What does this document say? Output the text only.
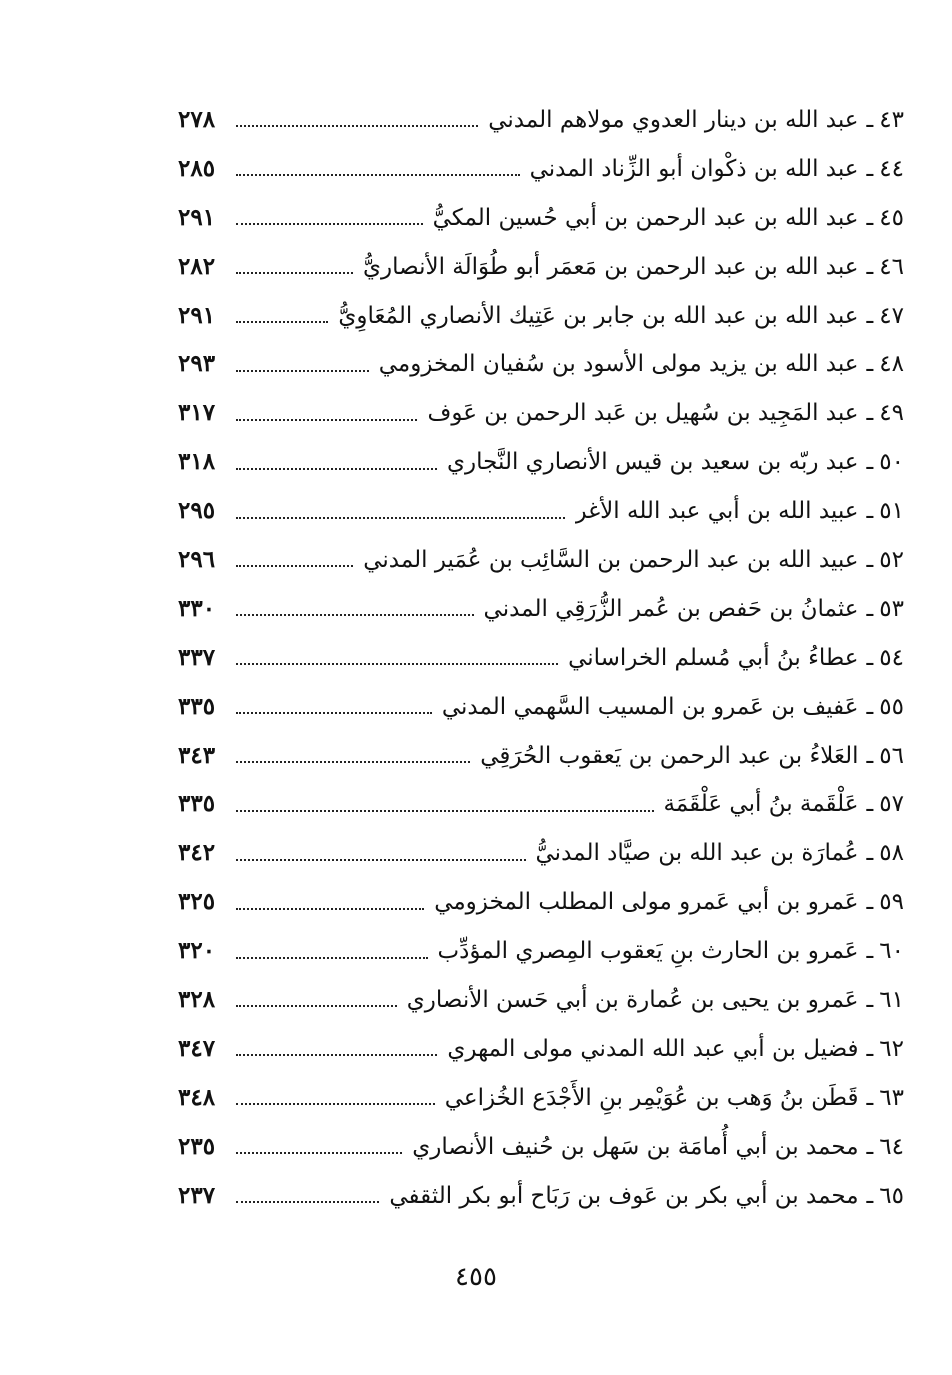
٤٣
ـ
عبد الله بن دينار العدوي مولاهم المدني
٢٧٨
٤٤
ـ
عبد الله بن ذكْوان أبو الزِّناد المدني
٢٨٥
٤٥
ـ
عبد الله بن عبد الرحمن بن أبي حُسين المكيُّ
٢٩١
٤٦
ـ
عبد الله بن عبد الرحمن بن مَعمَر أبو طُوَالَة الأنصاريُّ
٢٨٢
٤٧
ـ
عبد الله بن عبد الله بن جابر بن عَتِيك الأنصاري المُعَاوِيُّ
٢٩١
٤٨
ـ
عبد الله بن يزيد مولى الأسود بن سُفيان المخزومي
٢٩٣
٤٩
ـ
عبد المَجِيد بن سُهيل بن عَبد الرحمن بن عَوف
٣١٧
٥٠
ـ
عبد ربّه بن سعيد بن قيس الأنصاري النَّجاري
٣١٨
٥١
ـ
عبيد الله بن أبي عبد الله الأغر
٢٩٥
٥٢
ـ
عبيد الله بن عبد الرحمن بن السَّائِب بن عُمَير المدني
٢٩٦
٥٣
ـ
عثمانُ بن حَفص بن عُمر الزُّرَقِي المدني
٣٣٠
٥٤
ـ
عطاءُ بنُ أبي مُسلم الخراساني
٣٣٧
٥٥
ـ
عَفيف بن عَمرو بن المسيب السَّهمي المدني
٣٣٥
٥٦
ـ
العَلاءُ بن عبد الرحمن بن يَعقوب الحُرَقِي
٣٤٣
٥٧
ـ
عَلْقَمة بنُ أبي عَلْقَمَة
٣٣٥
٥٨
ـ
عُمارَة بن عبد الله بن صيَّاد المدنيُّ
٣٤٢
٥٩
ـ
عَمرو بن أبي عَمرو مولى المطلب المخزومي
٣٢٥
٦٠
ـ
عَمرو بن الحارث بنِ يَعقوب المِصري المؤدِّب
٣٢٠
٦١
ـ
عَمرو بن يحيى بن عُمارة بن أبي حَسن الأنصاري
٣٢٨
٦٢
ـ
فضيل بن أبي عبد الله المدني مولى المهري
٣٤٧
٦٣
ـ
قَطَن بنُ وَهب بن عُوَيْمِر بنِ الأَجْدَع الخُزاعي
٣٤٨
٦٤
ـ
محمد بن أبي أُمامَة بن سَهل بن حُنيف الأنصاري
٢٣٥
٦٥
ـ
محمد بن أبي بكر بن عَوف بن رَبَاح أبو بكر الثقفي
٢٣٧
٤٥٥
